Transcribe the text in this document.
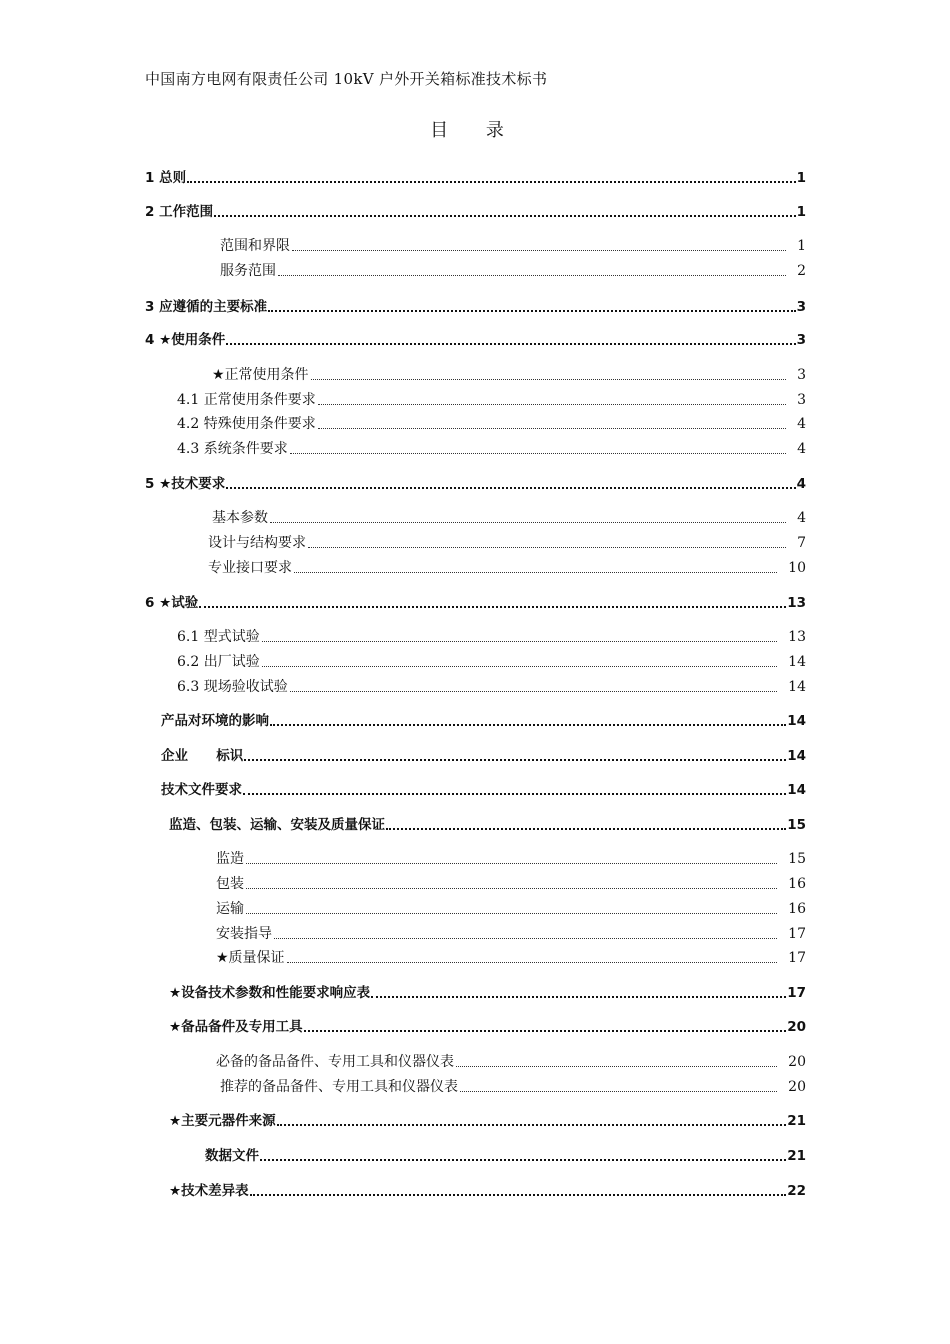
中国南方电网有限责任公司 10kV 户外开关箱标准技术标书
目 录
1 总则	1
2 工作范围	1
范围和界限	1
服务范围	2
3 应遵循的主要标准	3
4 ★使用条件	3
★正常使用条件	3
4.1 正常使用条件要求	3
4.2 特殊使用条件要求	4
4.3 系统条件要求	4
5 ★技术要求	4
基本参数	4
设计与结构要求	7
专业接口要求	10
6 ★试验	13
6.1 型式试验	13
6.2 出厂试验	14
6.3 现场验收试验	14
产品对环境的影响	14
企业      标识	14
技术文件要求	14
监造、包装、运输、安装及质量保证	15
监造	15
包装	16
运输	16
安装指导	17
★质量保证	17
★设备技术参数和性能要求响应表	17
★备品备件及专用工具	20
必备的备品备件、专用工具和仪器仪表	20
推荐的备品备件、专用工具和仪器仪表	20
★主要元器件来源	21
数据文件	21
★技术差异表	22
